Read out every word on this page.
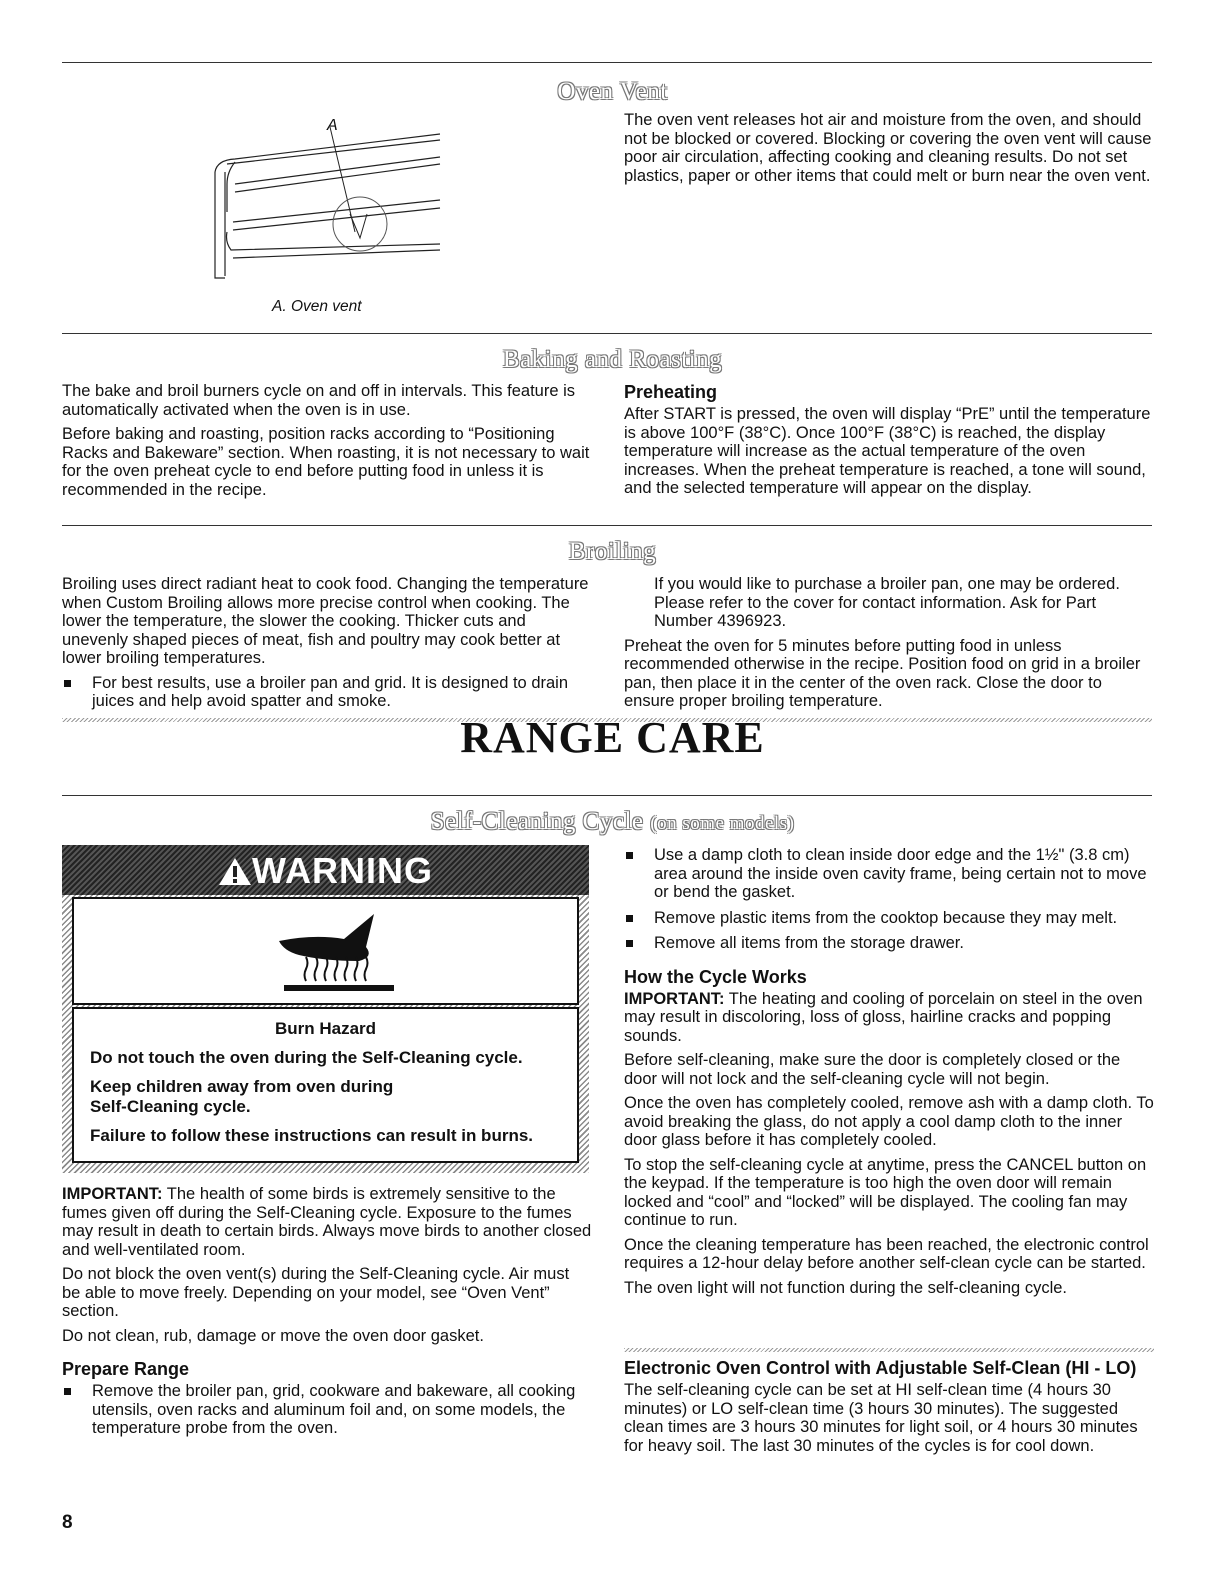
Oven Vent
A
A. Oven vent
The oven vent releases hot air and moisture from the oven, and should not be blocked or covered. Blocking or covering the oven vent will cause poor air circulation, affecting cooking and cleaning results. Do not set plastics, paper or other items that could melt or burn near the oven vent.
Baking and Roasting

The bake and broil burners cycle on and off in intervals. This feature is automatically activated when the oven is in use.

Before baking and roasting, position racks according to “Positioning Racks and Bakeware” section. When roasting, it is not necessary to wait for the oven preheat cycle to end before putting food in unless it is recommended in the recipe.

Preheating

After START is pressed, the oven will display “PrE” until the temperature is above 100°F (38°C). Once 100°F (38°C) is reached, the display temperature will increase as the actual temperature of the oven increases. When the preheat temperature is reached, a tone will sound, and the selected temperature will appear on the display.

Broiling

Broiling uses direct radiant heat to cook food. Changing the temperature when Custom Broiling allows more precise control when cooking. The lower the temperature, the slower the cooking. Thicker cuts and unevenly shaped pieces of meat, fish and poultry may cook better at lower broiling temperatures.

For best results, use a broiler pan and grid. It is designed to drain juices and help avoid spatter and smoke.

If you would like to purchase a broiler pan, one may be ordered. Please refer to the cover for contact information. Ask for Part Number 4396923.

Preheat the oven for 5 minutes before putting food in unless recommended otherwise in the recipe. Position food on grid in a broiler pan, then place it in the center of the oven rack. Close the door to ensure proper broiling temperature.

RANGE CARE
Self-Cleaning Cycle (on some models)
WARNING

Burn Hazard

Do not touch the oven during the Self-Cleaning cycle.

Keep children away from oven during Self-Cleaning cycle.

Failure to follow these instructions can result in burns.

IMPORTANT: The health of some birds is extremely sensitive to the fumes given off during the Self-Cleaning cycle. Exposure to the fumes may result in death to certain birds. Always move birds to another closed and well-ventilated room.

Do not block the oven vent(s) during the Self-Cleaning cycle. Air must be able to move freely. Depending on your model, see “Oven Vent” section.

Do not clean, rub, damage or move the oven door gasket.

Prepare Range

Remove the broiler pan, grid, cookware and bakeware, all cooking utensils, oven racks and aluminum foil and, on some models, the temperature probe from the oven.
Use a damp cloth to clean inside door edge and the 1½" (3.8 cm) area around the inside oven cavity frame, being certain not to move or bend the gasket.
Remove plastic items from the cooktop because they may melt.
Remove all items from the storage drawer.

How the Cycle Works

IMPORTANT: The heating and cooling of porcelain on steel in the oven may result in discoloring, loss of gloss, hairline cracks and popping sounds.

Before self-cleaning, make sure the door is completely closed or the door will not lock and the self-cleaning cycle will not begin.

Once the oven has completely cooled, remove ash with a damp cloth. To avoid breaking the glass, do not apply a cool damp cloth to the inner door glass before it has completely cooled.

To stop the self-cleaning cycle at anytime, press the CANCEL button on the keypad. If the temperature is too high the oven door will remain locked and “cool” and “locked” will be displayed. The cooling fan may continue to run.

Once the cleaning temperature has been reached, the electronic control requires a 12-hour delay before another self-clean cycle can be started.

The oven light will not function during the self-cleaning cycle.

Electronic Oven Control with Adjustable Self-Clean (HI - LO)

The self-cleaning cycle can be set at HI self-clean time (4 hours 30 minutes) or LO self-clean time (3 hours 30 minutes). The suggested clean times are 3 hours 30 minutes for light soil, or 4 hours 30 minutes for heavy soil. The last 30 minutes of the cycles is for cool down.

8
